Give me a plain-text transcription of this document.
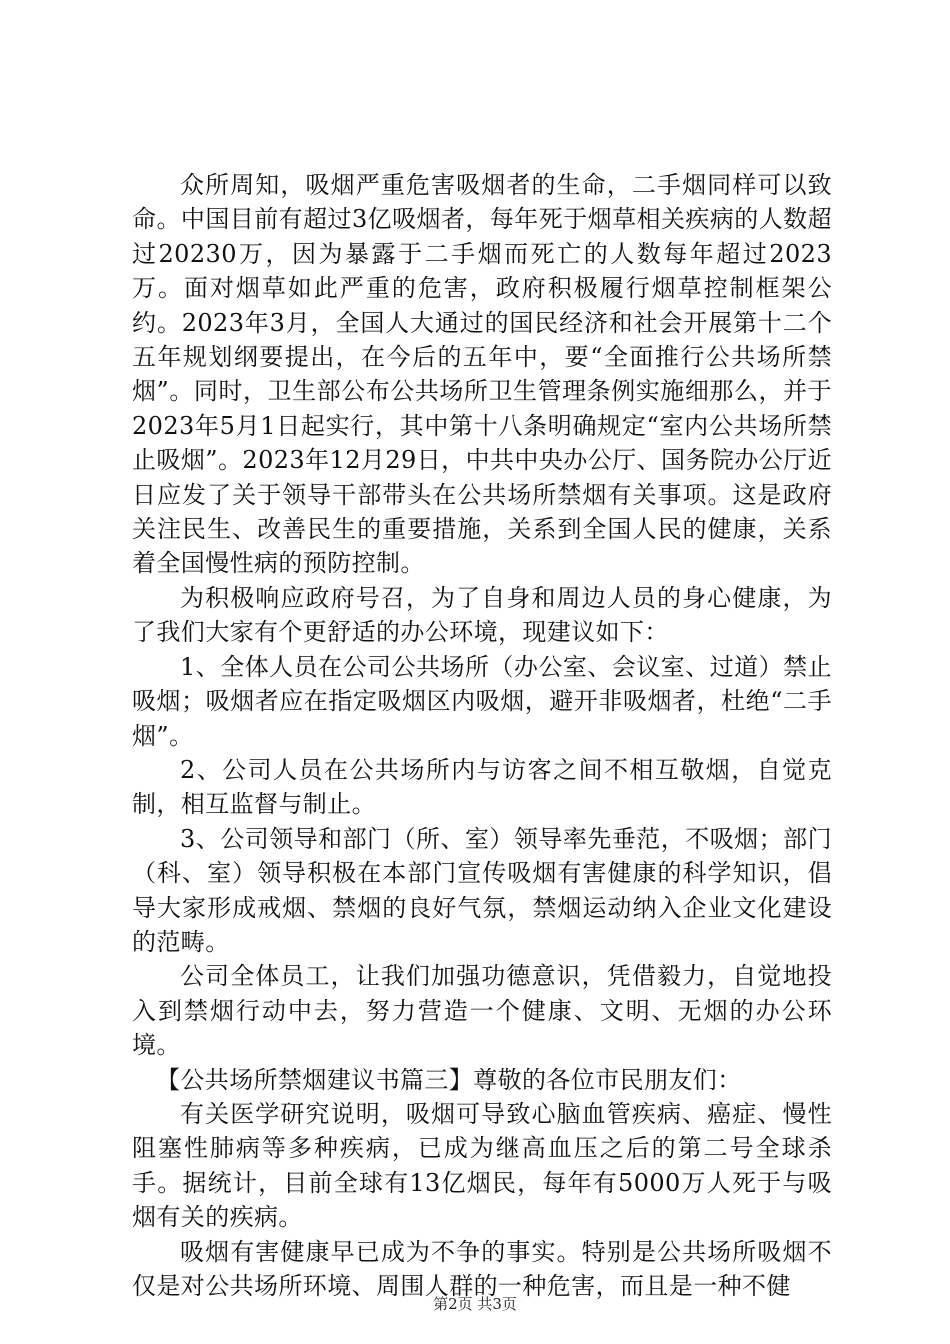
众所周知，吸烟严重危害吸烟者的生命，二手烟同样可以致命。中国目前有超过3亿吸烟者，每年死于烟草相关疾病的人数超过20230万，因为暴露于二手烟而死亡的人数每年超过2023万。面对烟草如此严重的危害，政府积极履行烟草控制框架公约。2023年3月，全国人大通过的国民经济和社会开展第十二个五年规划纲要提出，在今后的五年中，要“全面推行公共场所禁烟”。同时，卫生部公布公共场所卫生管理条例实施细那么，并于2023年5月1日起实行，其中第十八条明确规定“室内公共场所禁止吸烟”。2023年12月29日，中共中央办公厅、国务院办公厅近日应发了关于领导干部带头在公共场所禁烟有关事项。这是政府关注民生、改善民生的重要措施，关系到全国人民的健康，关系着全国慢性病的预防控制。

为积极响应政府号召，为了自身和周边人员的身心健康，为了我们大家有个更舒适的办公环境，现建议如下：

1、全体人员在公司公共场所（办公室、会议室、过道）禁止吸烟；吸烟者应在指定吸烟区内吸烟，避开非吸烟者，杜绝“二手烟”。

2、公司人员在公共场所内与访客之间不相互敬烟，自觉克制，相互监督与制止。

3、公司领导和部门（所、室）领导率先垂范，不吸烟；部门（科、室）领导积极在本部门宣传吸烟有害健康的科学知识，倡导大家形成戒烟、禁烟的良好气氛，禁烟运动纳入企业文化建设的范畴。

公司全体员工，让我们加强功德意识，凭借毅力，自觉地投入到禁烟行动中去，努力营造一个健康、文明、无烟的办公环境。

【公共场所禁烟建议书篇三】尊敬的各位市民朋友们：

有关医学研究说明，吸烟可导致心脑血管疾病、癌症、慢性阻塞性肺病等多种疾病，已成为继高血压之后的第二号全球杀手。据统计，目前全球有13亿烟民，每年有5000万人死于与吸烟有关的疾病。

吸烟有害健康早已成为不争的事实。特别是公共场所吸烟不仅是对公共场所环境、周围人群的一种危害，而且是一种不健

第2页 共3页
